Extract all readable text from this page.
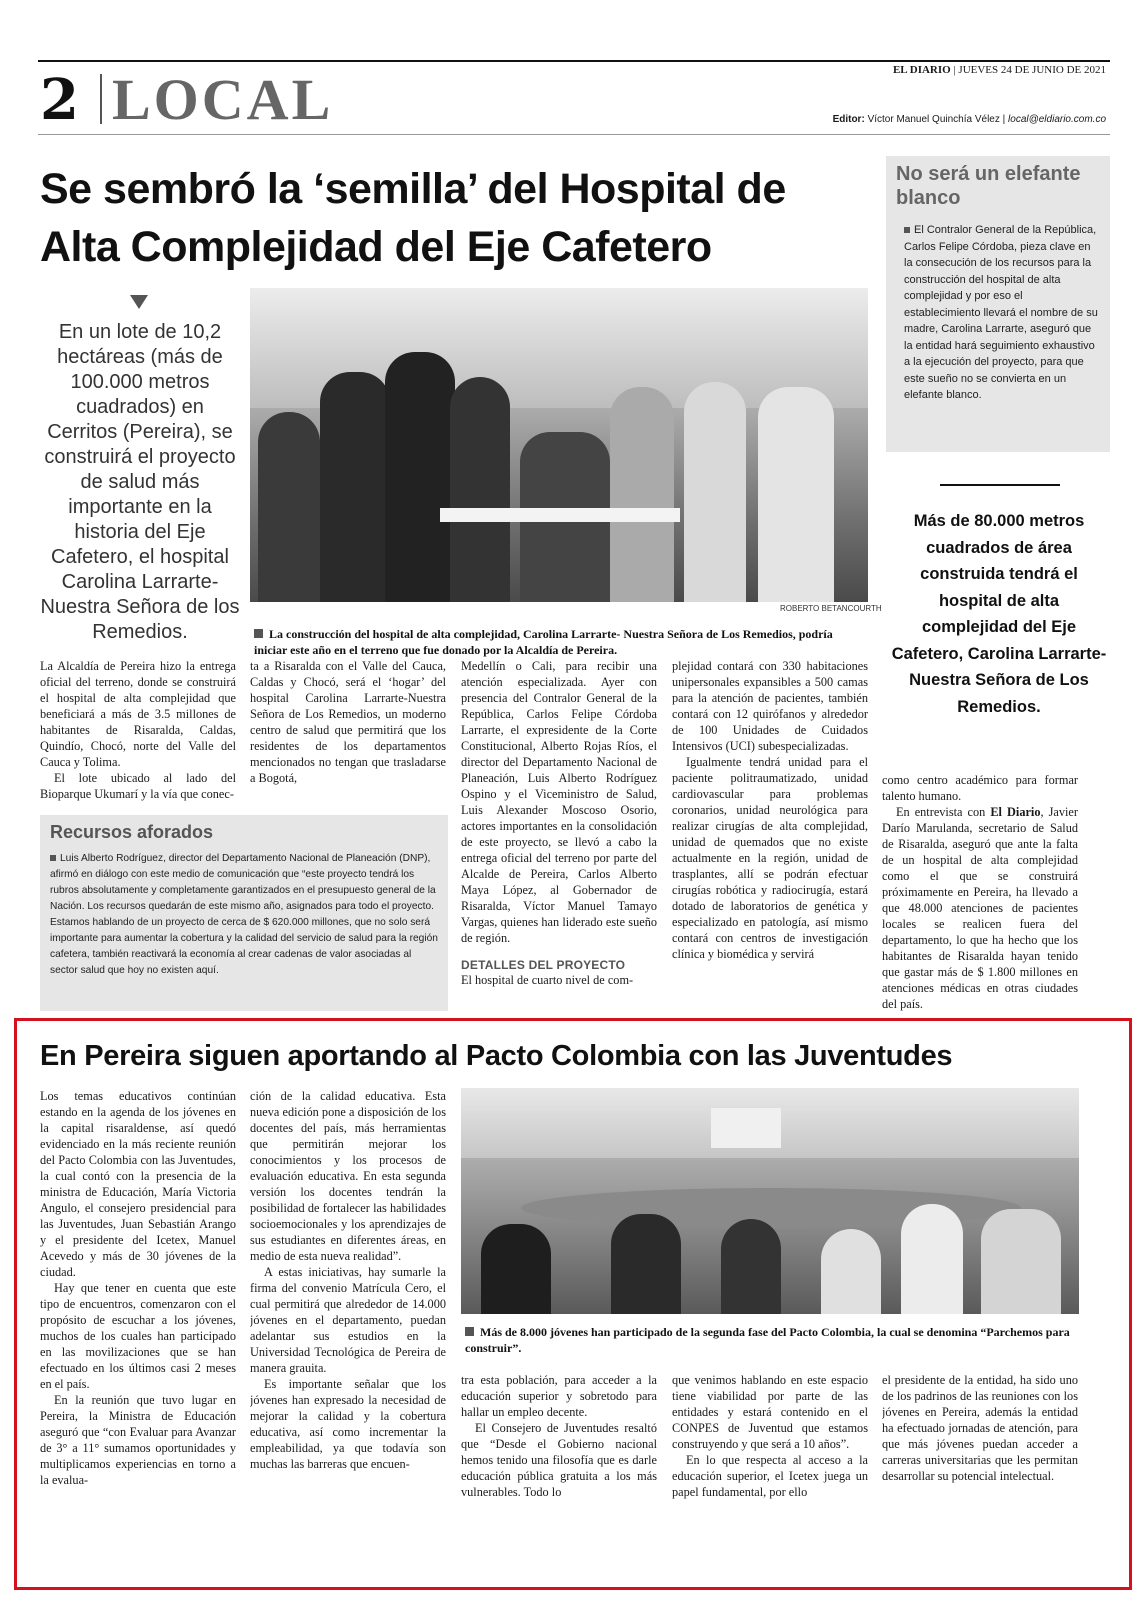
2 LOCAL	EL DIARIO | JUEVES 24 DE JUNIO DE 2021
Editor: Víctor Manuel Quinchía Vélez | local@eldiario.com.co
Se sembró la ‘semilla’ del Hospital de
Alta Complejidad del Eje Cafetero
En un lote de 10,2 hectáreas (más de 100.000 metros cuadrados) en Cerritos (Pereira), se construirá el proyecto de salud más importante en la historia del Eje Cafetero, el hospital Carolina Larrarte-Nuestra Señora de los Remedios.
ROBERTO BETANCOURTH
La construcción del hospital de alta complejidad, Carolina Larrarte- Nuestra Señora de Los Remedios, podría iniciar este año en el terreno que fue donado por la Alcaldía de Pereira.
No será un elefante blanco
El Contralor General de la República, Carlos Felipe Córdoba, pieza clave en la consecución de los recursos para la construcción del hospital de alta complejidad y por eso el establecimiento llevará el nombre de su madre, Carolina Larrarte, aseguró que la entidad hará seguimiento exhaustivo a la ejecución del proyecto, para que este sueño no se convierta en un elefante blanco.
Más de 80.000 metros cuadrados de área construida tendrá el hospital de alta complejidad del Eje Cafetero, Carolina Larrarte- Nuestra Señora de Los Remedios.

La Alcaldía de Pereira hizo la entrega oficial del terreno, donde se construirá el hospital de alta complejidad que beneficiará a más de 3.5 millones de habitantes de Risaralda, Caldas, Quindío, Chocó, norte del Valle del Cauca y Tolima.

El lote ubicado al lado del Bioparque Ukumarí y la vía que conec-

ta a Risaralda con el Valle del Cauca, Caldas y Chocó, será el ‘hogar’ del hospital Carolina Larrarte-Nuestra Señora de Los Remedios, un moderno centro de salud que permitirá que los residentes de los departamentos mencionados no tengan que trasladarse a Bogotá,

Medellín o Cali, para recibir una atención especializada. Ayer con presencia del Contralor General de la República, Carlos Felipe Córdoba Larrarte, el expresidente de la Corte Constitucional, Alberto Rojas Ríos, el director del Departamento Nacional de Planeación, Luis Alberto Rodríguez Ospino y el Viceministro de Salud, Luis Alexander Moscoso Osorio, actores importantes en la consolidación de este proyecto, se llevó a cabo la entrega oficial del terreno por parte del Alcalde de Pereira, Carlos Alberto Maya López, al Gobernador de Risaralda, Víctor Manuel Tamayo Vargas, quienes han liderado este sueño de región.

DETALLES DEL PROYECTO

El hospital de cuarto nivel de com-

plejidad contará con 330 habitaciones unipersonales expansibles a 500 camas para la atención de pacientes, también contará con 12 quirófanos y alrededor de 100 Unidades de Cuidados Intensivos (UCI) subespecializadas.

Igualmente tendrá unidad para el paciente politraumatizado, unidad cardiovascular para problemas coronarios, unidad neurológica para realizar cirugías de alta complejidad, unidad de quemados que no existe actualmente en la región, unidad de trasplantes, allí se podrán efectuar cirugías robótica y radiocirugía, estará dotado de laboratorios de genética y especializado en patología, así mismo contará con centros de investigación clínica y biomédica y servirá

como centro académico para formar talento humano.

En entrevista con El Diario, Javier Darío Marulanda, secretario de Salud de Risaralda, aseguró que ante la falta de un hospital de alta complejidad como el que se construirá próximamente en Pereira, ha llevado a que 48.000 atenciones de pacientes locales se realicen fuera del departamento, lo que ha hecho que los habitantes de Risaralda hayan tenido que gastar más de $ 1.800 millones en atenciones médicas en otras ciudades del país.

Recursos aforados
Luis Alberto Rodríguez, director del Departamento Nacional de Planeación (DNP), afirmó en diálogo con este medio de comunicación que “este proyecto tendrá los rubros absolutamente y completamente garantizados en el presupuesto general de la Nación. Los recursos quedarán de este mismo año, asignados para todo el proyecto. Estamos hablando de un proyecto de cerca de $ 620.000 millones, que no solo será importante para aumentar la cobertura y la calidad del servicio de salud para la región cafetera, también reactivará la economía al crear cadenas de valor asociadas al sector salud que hoy no existen aquí.
En Pereira siguen aportando al Pacto Colombia con las Juventudes

Los temas educativos continúan estando en la agenda de los jóvenes en la capital risaraldense, así quedó evidenciado en la más reciente reunión del Pacto Colombia con las Juventudes, la cual contó con la presencia de la ministra de Educación, María Victoria Angulo, el consejero presidencial para las Juventudes, Juan Sebastián Arango y el presidente del Icetex, Manuel Acevedo y más de 30 jóvenes de la ciudad.

Hay que tener en cuenta que este tipo de encuentros, comenzaron con el propósito de escuchar a los jóvenes, muchos de los cuales han participado en las movilizaciones que se han efectuado en los últimos casi 2 meses en el país.

En la reunión que tuvo lugar en Pereira, la Ministra de Educación aseguró que “con Evaluar para Avanzar de 3° a 11° sumamos oportunidades y multiplicamos experiencias en torno a la evalua-

ción de la calidad educativa. Esta nueva edición pone a disposición de los docentes del país, más herramientas que permitirán mejorar los conocimientos y los procesos de evaluación educativa. En esta segunda versión los docentes tendrán la posibilidad de fortalecer las habilidades socioemocionales y los aprendizajes de sus estudiantes en diferentes áreas, en medio de esta nueva realidad”.

A estas iniciativas, hay sumarle la firma del convenio Matrícula Cero, el cual permitirá que alrededor de 14.000 jóvenes en el departamento, puedan adelantar sus estudios en la Universidad Tecnológica de Pereira de manera grauita.

Es importante señalar que los jóvenes han expresado la necesidad de mejorar la calidad y la cobertura educativa, así como incrementar la empleabilidad, ya que todavía son muchas las barreras que encuen-

Más de 8.000 jóvenes han participado de la segunda fase del Pacto Colombia, la cual se denomina “Parchemos para construir”.

tra esta población, para acceder a la educación superior y sobretodo para hallar un empleo decente.

El Consejero de Juventudes resaltó que “Desde el Gobierno nacional hemos tenido una filosofía que es darle educación pública gratuita a los más vulnerables. Todo lo

que venimos hablando en este espacio tiene viabilidad por parte de las entidades y estará contenido en el CONPES de Juventud que estamos construyendo y que será a 10 años”.

En lo que respecta al acceso a la educación superior, el Icetex juega un papel fundamental, por ello

el presidente de la entidad, ha sido uno de los padrinos de las reuniones con los jóvenes en Pereira, además la entidad ha efectuado jornadas de atención, para que más jóvenes puedan acceder a carreras universitarias que les permitan desarrollar su potencial intelectual.
